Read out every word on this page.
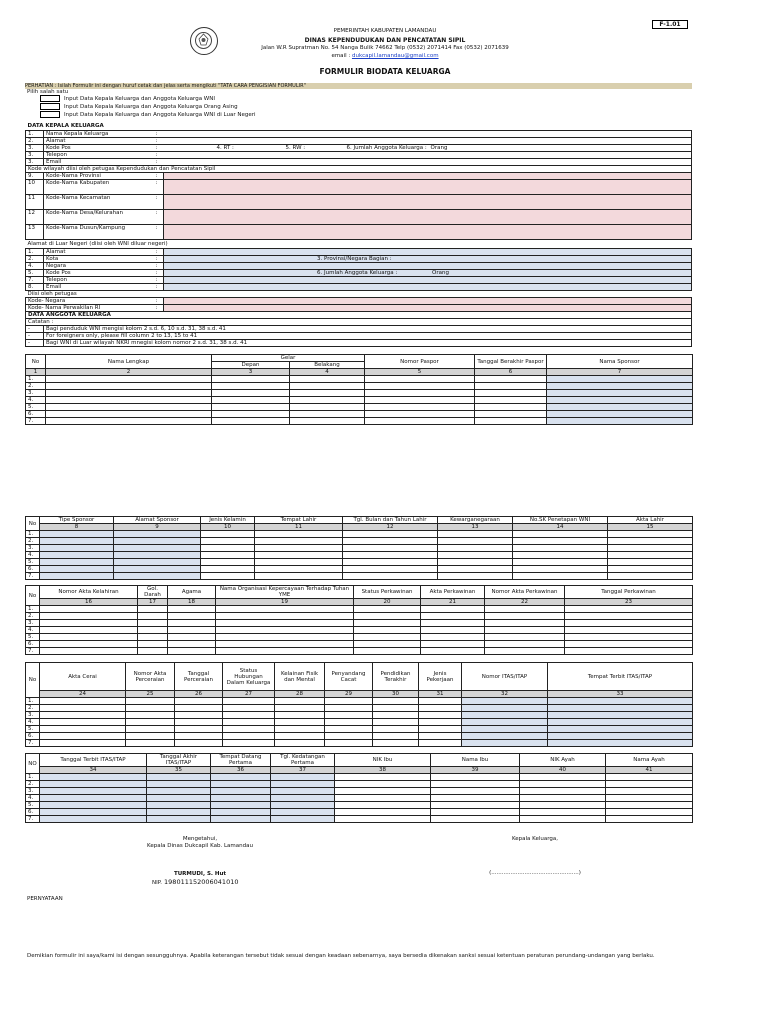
F-1.01
PEMERINTAH KABUPATEN LAMANDAU
DINAS KEPENDUDUKAN DAN PENCATATAN SIPIL
Jalan W.R Supratman No. 54 Nanga Bulik 74662 Telp (0532) 2071414 Fax (0532) 2071639
email : dukcapil.lamandau@gmail.com
FORMULIR BIODATA KELUARGA
PERHATIAN : Isilah Formulir ini dengan huruf cetak dan jelas serta mengikuti "TATA CARA PENGISIAN FORMULIR"
Pilih salah satu
Input Data Kepala Keluarga dan Anggota Keluarga WNI
Input Data Kepala Keluarga dan Anggota Keluarga Orang Asing
Input Data Kepala Keluarga dan Anggota Keluarga WNI di Luar Negeri
DATA KEPALA KELUARGA			
1.	Nama Kepala Keluarga	:	
2.	Alamat	:	
3.	Kode Pos	:	4. RT : 5. RW : 6. Jumlah Anggota Keluarga : Orang

3.	Telepon	:	
3.	Email	:	
Kode wilayah diisi oleh petugas Kependudukan dan Pencatatan Sipil			
9.	Kode-Nama Provinsi	:	
10	Kode-Nama Kabupaten	:	
11	Kode-Nama Kecamatan	:	
12	Kode-Nama Desa/Kelurahan	:	
13	Kode-Nama Dusun/Kampung	:	
Alamat di Luar Negeri (diisi oleh WNI diluar negeri)			
1.	Alamat	:	
2.	Kota	:	3. Provinsi/Negara Bagian :

4.	Negara	:	
5.	Kode Pos	:	6. Jumlah Anggota Keluarga : Orang

7.	Telepon	:	
8.	Email	:	
Diisi oleh petugas			
Kode- Negara		:	
Kode- Nama Perwakilan RI		:	
DATA ANGGOTA KELUARGA			
Catatan :			
-	Bagi penduduk WNI mengisi kolom 2 s.d. 6, 10 s.d. 31, 38 s.d. 41		
-	For foreigners only, please fill column 2 to 13, 15 to 41		
-	Bagi WNI di Luar wilayah NKRI mnegisi kolom nomor 2 s.d. 31, 38 s.d. 41		
No	Nama Lengkap	Gelar		Nomor Paspor	Tanggal Berakhir Paspor	Nama Sponsor
		Depan	Belakang			
1	2	3	4	5	6	7
1.						
2.						
3.						
4.						
5.						
6.						
7.						
No	Tipe Sponsor	Alamat Sponsor	Jenis Kelamin	Tempat Lahir	Tgl. Bulan dan Tahun Lahir	Kewarganegaraan	No.SK Penetapan WNI	Akta Lahir
	8	9	10	11	12	13	14	15
1.								
2.								
3.								
4.								
5.								
6.								
7.								
No	Nomor Akta Kelahiran	Gol. Darah	Agama	Nama Organisasi Kepercayaan Terhadap Tuhan YME	Status Perkawinan	Akta Perkawinan	Nomor Akta Perkawinan	Tanggal Perkawinan
	16	17	18	19	20	21	22	23
1.								
2.								
3.								
4.								
5.								
6.								
7.								
No	Akta Cerai	Nomor Akta Perceraian	Tanggal Perceraian	Status Hubungan Dalam Keluarga	Kelainan Fisik dan Mental	Penyandang Cacat	Pendidikan Terakhir	Jenis Pekerjaan	Nomor ITAS/ITAP	Tempat Terbit ITAS/ITAP
	24	25	26	27	28	29	30	31	32	33
1.										
2.										
3.										
4.										
5.										
6.										
7.										
NO	Tanggal Terbit ITAS/ITAP	Tanggal Akhir ITAS/ITAP	Tempat Datang Pertama	Tgl. Kedatangan Pertama	NIK Ibu	Nama Ibu	NIK Ayah	Nama Ayah
	34	35	36	37	38	39	40	41
1.								
2.								
3.								
4.								
5.								
6.								
7.								
Mengetahui,
Kepala Dinas Dukcapil Kab. Lamandau
Kepala Keluarga,
TURMUDI, S. Hut
NIP. 198011152006041010
(..................................................)
PERNYATAAN
Demikian formulir ini saya/kami isi dengan sesungguhnya. Apabila keterangan tersebut tidak sesuai dengan keadaan sebenarnya, saya bersedia dikenakan sanksi sesuai ketentuan peraturan perundang-undangan yang berlaku.
